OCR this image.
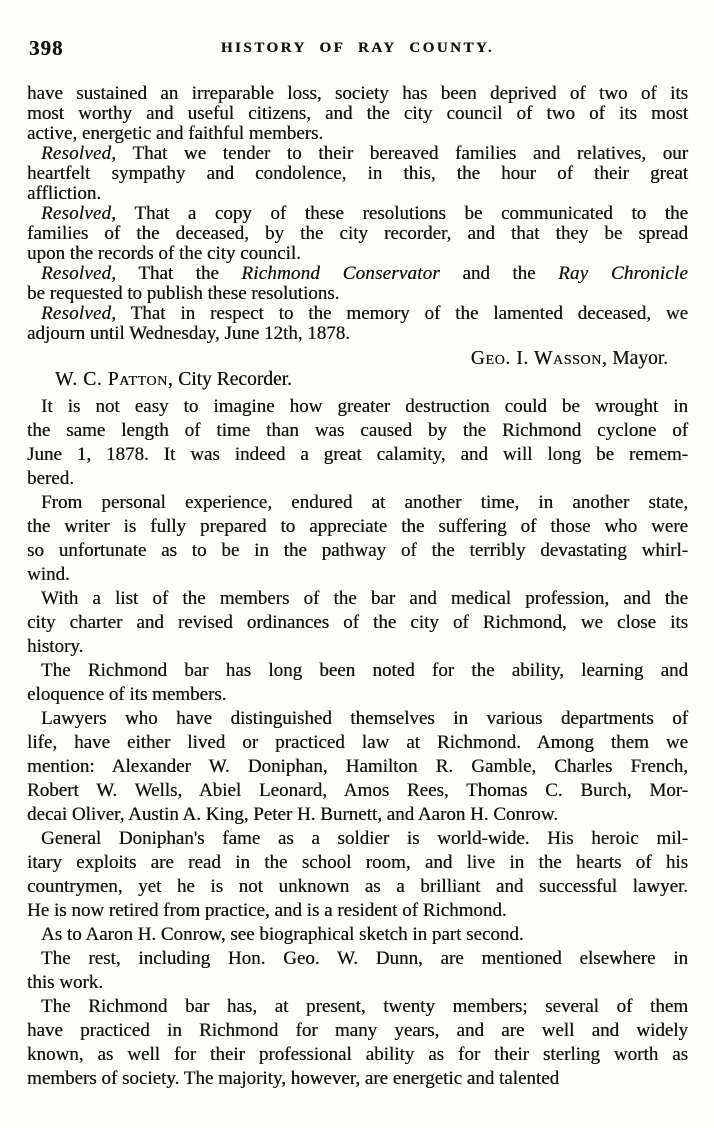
398	HISTORY OF RAY COUNTY.
have sustained an irreparable loss, society has been deprived of two of its
most worthy and useful citizens, and the city council of two of its most
active, energetic and faithful members.
Resolved, That we tender to their bereaved families and relatives, our
heartfelt sympathy and condolence, in this, the hour of their great
affliction.
Resolved, That a copy of these resolutions be communicated to the
families of the deceased, by the city recorder, and that they be spread
upon the records of the city council.
Resolved, That the Richmond Conservator and the Ray Chronicle
be requested to publish these resolutions.
Resolved, That in respect to the memory of the lamented deceased, we
adjourn until Wednesday, June 12th, 1878.
Geo. I. Wasson, Mayor.
W. C. Patton, City Recorder.
It is not easy to imagine how greater destruction could be wrought in
the same length of time than was caused by the Richmond cyclone of
June 1, 1878. It was indeed a great calamity, and will long be remem-
bered.
From personal experience, endured at another time, in another state,
the writer is fully prepared to appreciate the suffering of those who were
so unfortunate as to be in the pathway of the terribly devastating whirl-
wind.
With a list of the members of the bar and medical profession, and the
city charter and revised ordinances of the city of Richmond, we close its
history.
The Richmond bar has long been noted for the ability, learning and
eloquence of its members.
Lawyers who have distinguished themselves in various departments of
life, have either lived or practiced law at Richmond. Among them we
mention: Alexander W. Doniphan, Hamilton R. Gamble, Charles French,
Robert W. Wells, Abiel Leonard, Amos Rees, Thomas C. Burch, Mor-
decai Oliver, Austin A. King, Peter H. Burnett, and Aaron H. Conrow.
General Doniphan's fame as a soldier is world-wide. His heroic mil-
itary exploits are read in the school room, and live in the hearts of his
countrymen, yet he is not unknown as a brilliant and successful lawyer.
He is now retired from practice, and is a resident of Richmond.
As to Aaron H. Conrow, see biographical sketch in part second.
The rest, including Hon. Geo. W. Dunn, are mentioned elsewhere in
this work.
The Richmond bar has, at present, twenty members; several of them
have practiced in Richmond for many years, and are well and widely
known, as well for their professional ability as for their sterling worth as
members of society. The majority, however, are energetic and talented
